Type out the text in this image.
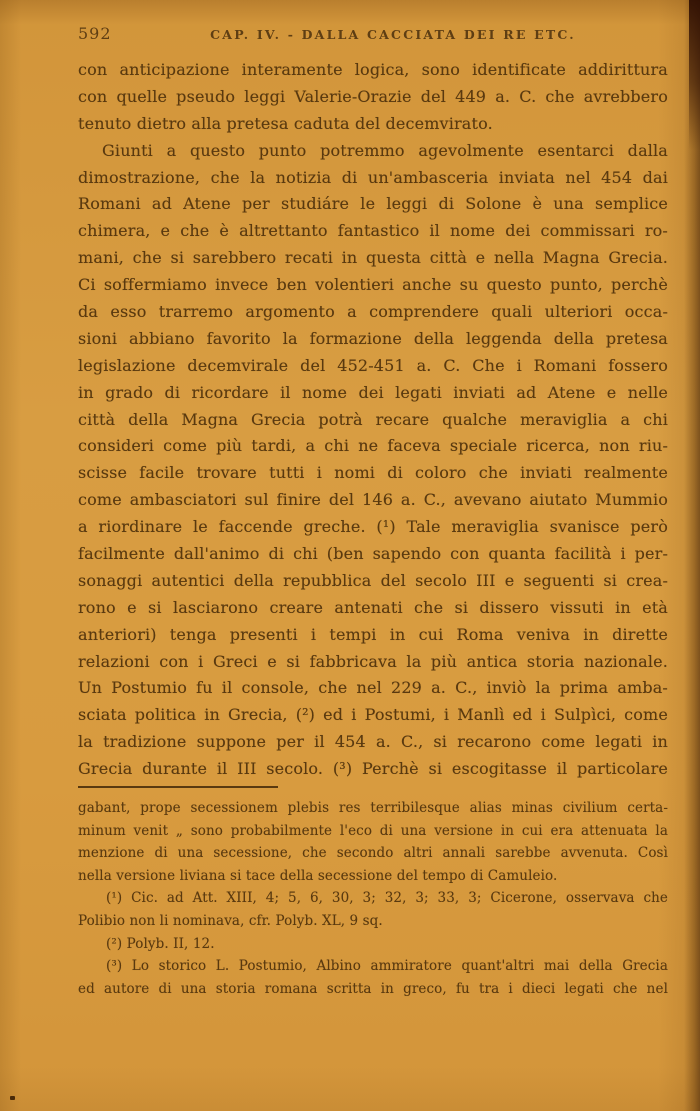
592	CAP. IV. - DALLA CACCIATA DEI RE ETC.
con anticipazione interamente logica, sono identificate addirittura
con quelle pseudo leggi Valerie-Orazie del 449 a. C. che avrebbero
tenuto dietro alla pretesa caduta del decemvirato.
Giunti a questo punto potremmo agevolmente esentarci dalla
dimostrazione, che la notizia di un'ambasceria inviata nel 454 dai
Romani ad Atene per studiáre le leggi di Solone è una semplice
chimera, e che è altrettanto fantastico il nome dei commissari ro-
mani, che si sarebbero recati in questa città e nella Magna Grecia.
Ci soffermiamo invece ben volentieri anche su questo punto, perchè
da esso trarremo argomento a comprendere quali ulteriori occa-
sioni abbiano favorito la formazione della leggenda della pretesa
legislazione decemvirale del 452-451 a. C. Che i Romani fossero
in grado di ricordare il nome dei legati inviati ad Atene e nelle
città della Magna Grecia potrà recare qualche meraviglia a chi
consideri come più tardi, a chi ne faceva speciale ricerca, non riu-
scisse facile trovare tutti i nomi di coloro che inviati realmente
come ambasciatori sul finire del 146 a. C., avevano aiutato Mummio
a riordinare le faccende greche. (¹) Tale meraviglia svanisce però
facilmente dall'animo di chi (ben sapendo con quanta facilità i per-
sonaggi autentici della repubblica del secolo III e seguenti si crea-
rono e si lasciarono creare antenati che si dissero vissuti in età
anteriori) tenga presenti i tempi in cui Roma veniva in dirette
relazioni con i Greci e si fabbricava la più antica storia nazionale.
Un Postumio fu il console, che nel 229 a. C., inviò la prima amba-
sciata politica in Grecia, (²) ed i Postumi, i Manlì ed i Sulpìci, come
la tradizione suppone per il 454 a. C., si recarono come legati in
Grecia durante il III secolo. (³) Perchè si escogitasse il particolare
gabant, prope secessionem plebis res terribilesque alias minas civilium certa-
minum venit „ sono probabilmente l'eco di una versione in cui era attenuata la
menzione di una secessione, che secondo altri annali sarebbe avvenuta. Così
nella versione liviana si tace della secessione del tempo di Camuleio.
(¹) Cic. ad Att. XIII, 4; 5, 6, 30, 3; 32, 3; 33, 3; Cicerone, osservava che
Polibio non li nominava, cfr. Polyb. XL, 9 sq.
(²) Polyb. II, 12.
(³) Lo storico L. Postumio, Albino ammiratore quant'altri mai della Grecia
ed autore di una storia romana scritta in greco, fu tra i dieci legati che nel
